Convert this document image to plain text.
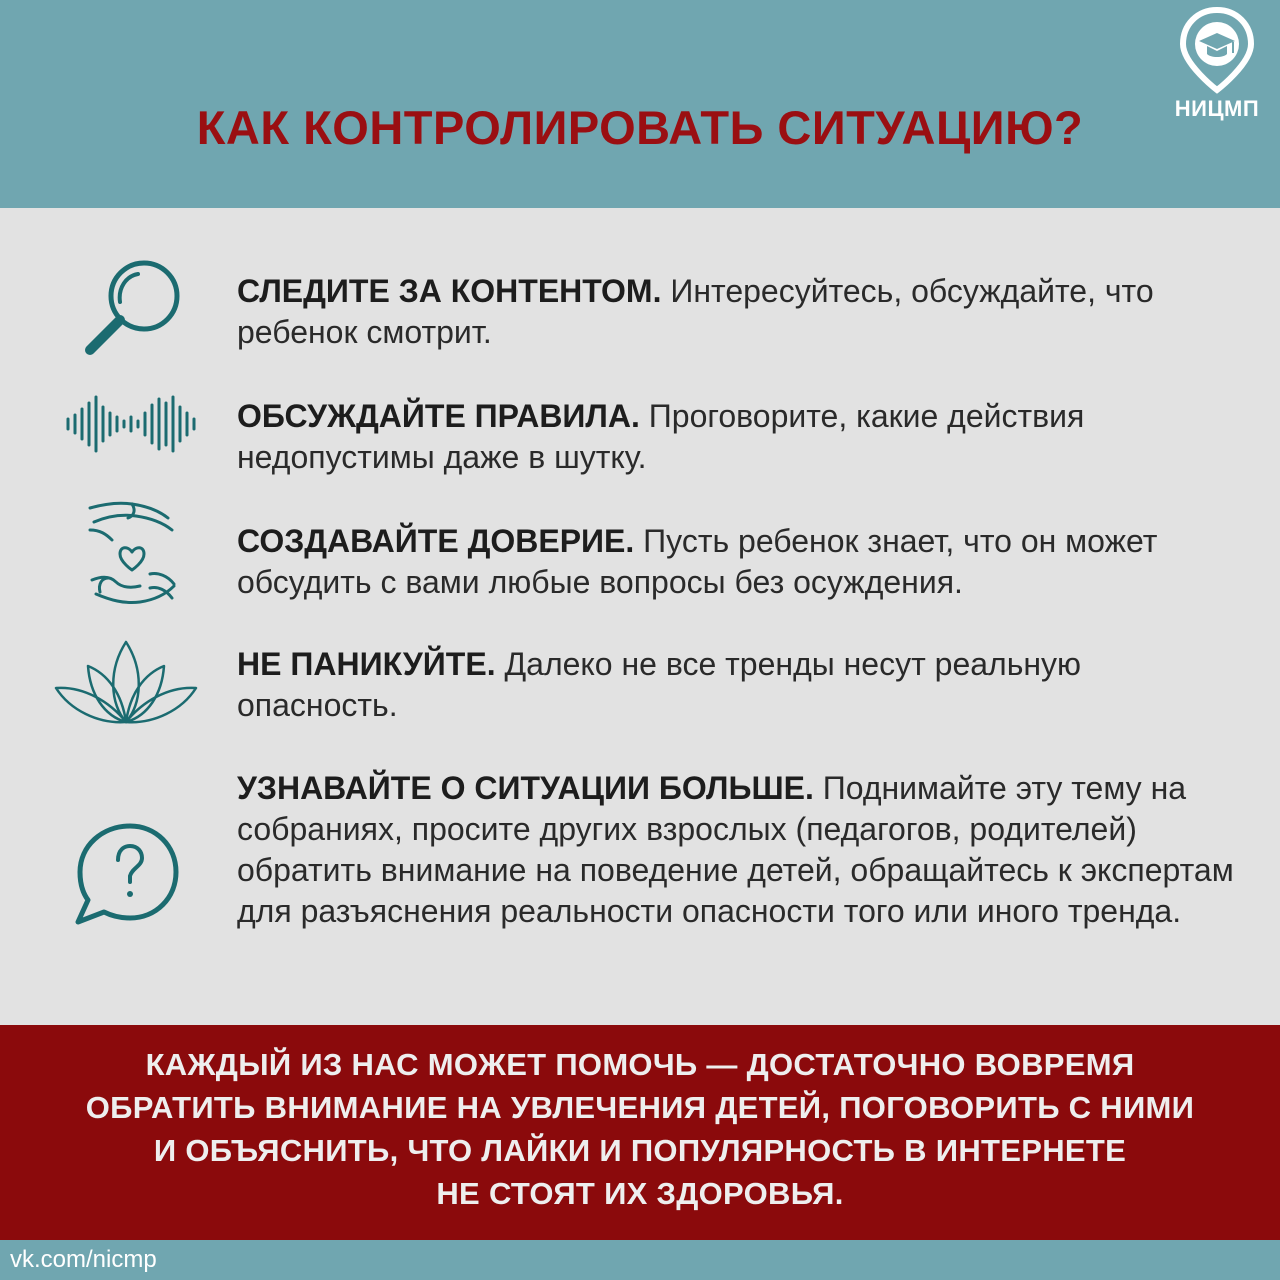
КАК КОНТРОЛИРОВАТЬ СИТУАЦИЮ?	НИЦМП
СЛЕДИТЕ ЗА КОНТЕНТОМ. Интересуйтесь, обсуждайте, что ребенок смотрит.
ОБСУЖДАЙТЕ ПРАВИЛА. Проговорите, какие действия недопустимы даже в шутку.
СОЗДАВАЙТЕ ДОВЕРИЕ. Пусть ребенок знает, что он может обсудить с вами любые вопросы без осуждения.
НЕ ПАНИКУЙТЕ. Далеко не все тренды несут реальную опасность.
УЗНАВАЙТЕ О СИТУАЦИИ БОЛЬШЕ. Поднимайте эту тему на собраниях, просите других взрослых (педагогов, родителей) обратить внимание на поведение детей, обращайтесь к экспертам для разъяснения реальности опасности того или иного тренда.
КАЖДЫЙ ИЗ НАС МОЖЕТ ПОМОЧЬ — ДОСТАТОЧНО ВОВРЕМЯ
ОБРАТИТЬ ВНИМАНИЕ НА УВЛЕЧЕНИЯ ДЕТЕЙ, ПОГОВОРИТЬ С НИМИ
И ОБЪЯСНИТЬ, ЧТО ЛАЙКИ И ПОПУЛЯРНОСТЬ В ИНТЕРНЕТЕ
НЕ СТОЯТ ИХ ЗДОРОВЬЯ.
vk.com/nicmp
